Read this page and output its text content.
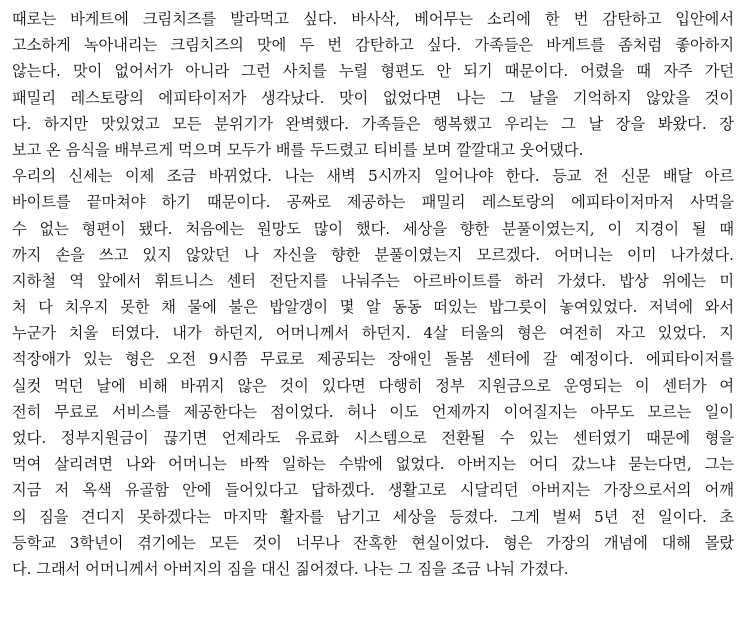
때로는 바게트에 크림치즈를 발라먹고 싶다. 바사삭, 베어무는 소리에 한 번 감탄하고 입안에서
고소하게 녹아내리는 크림치즈의 맛에 두 번 감탄하고 싶다. 가족들은 바게트를 좀처럼 좋아하지
않는다. 맛이 없어서가 아니라 그런 사치를 누릴 형편도 안 되기 때문이다. 어렸을 때 자주 가던
패밀리 레스토랑의 에피타이저가 생각났다. 맛이 없었다면 나는 그 날을 기억하지 않았을 것이
다. 하지만 맛있었고 모든 분위기가 완벽했다. 가족들은 행복했고 우리는 그 날 장을 봐왔다. 장
보고 온 음식을 배부르게 먹으며 모두가 배를 두드렸고 티비를 보며 깔깔대고 웃어댔다.
우리의 신세는 이제 조금 바뀌었다. 나는 새벽 5시까지 일어나야 한다. 등교 전 신문 배달 아르
바이트를 끝마쳐야 하기 때문이다. 공짜로 제공하는 패밀리 레스토랑의 에피타이저마저 사먹을
수 없는 형편이 됐다. 처음에는 원망도 많이 했다. 세상을 향한 분풀이였는지, 이 지경이 될 때
까지 손을 쓰고 있지 않았던 나 자신을 향한 분풀이였는지 모르겠다. 어머니는 이미 나가셨다.
지하철 역 앞에서 휘트니스 센터 전단지를 나눠주는 아르바이트를 하러 가셨다. 밥상 위에는 미
처 다 치우지 못한 채 물에 불은 밥알갱이 몇 알 동동 떠있는 밥그릇이 놓여있었다. 저녁에 와서
누군가 치울 터였다. 내가 하던지, 어머니께서 하던지. 4살 터울의 형은 여전히 자고 있었다. 지
적장애가 있는 형은 오전 9시쯤 무료로 제공되는 장애인 돌봄 센터에 갈 예정이다. 에피타이저를
실컷 먹던 날에 비해 바뀌지 않은 것이 있다면 다행히 정부 지원금으로 운영되는 이 센터가 여
전히 무료로 서비스를 제공한다는 점이었다. 허나 이도 언제까지 이어질지는 아무도 모르는 일이
었다. 정부지원금이 끊기면 언제라도 유료화 시스템으로 전환될 수 있는 센터였기 때문에 형을
먹여 살리려면 나와 어머니는 바짝 일하는 수밖에 없었다. 아버지는 어디 갔느냐 묻는다면, 그는
지금 저 옥색 유골함 안에 들어있다고 답하겠다. 생활고로 시달리던 아버지는 가장으로서의 어깨
의 짐을 견디지 못하겠다는 마지막 활자를 남기고 세상을 등졌다. 그게 벌써 5년 전 일이다. 초
등학교 3학년이 겪기에는 모든 것이 너무나 잔혹한 현실이었다. 형은 가장의 개념에 대해 몰랐
다. 그래서 어머니께서 아버지의 짐을 대신 짊어졌다. 나는 그 짐을 조금 나눠 가졌다.
